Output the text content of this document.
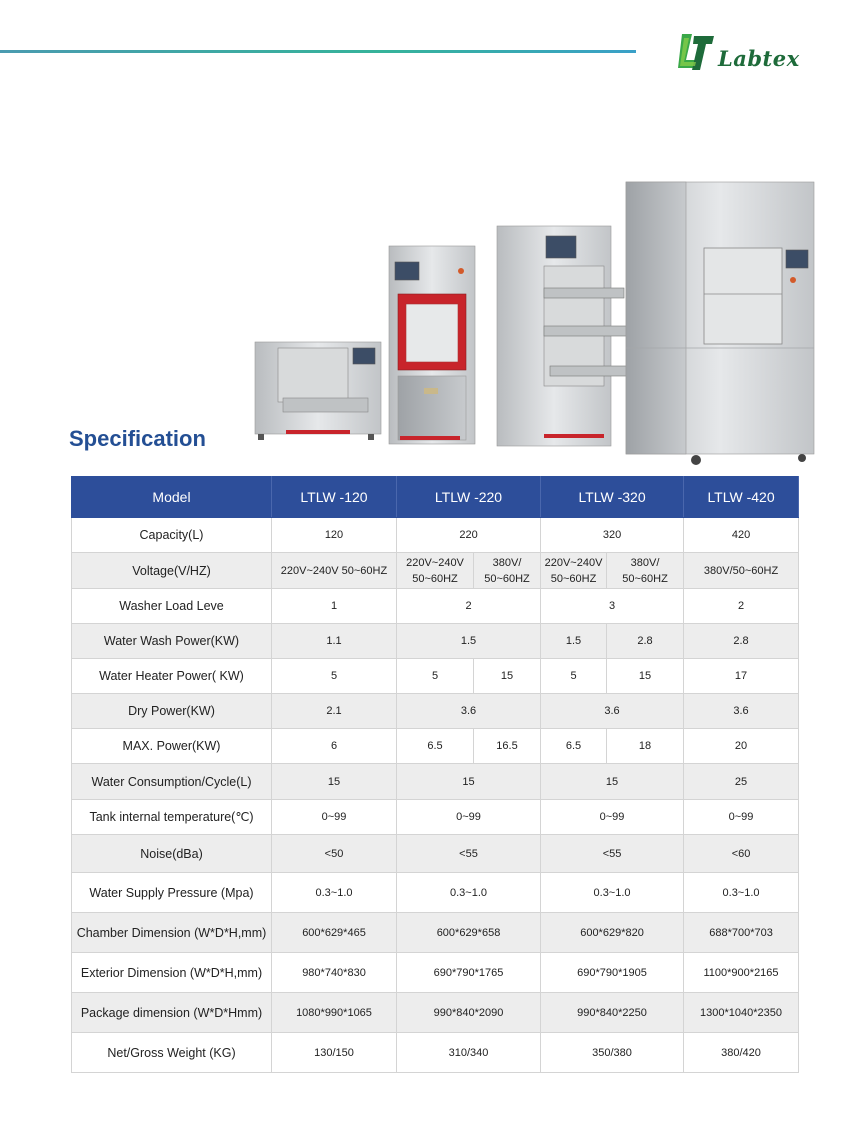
Labtex
Specification
Model	LTLW -120	LTLW -220		LTLW -320		LTLW -420
Capacity(L)	120	220		320		420
Voltage(V/HZ)	220V~240V 50~60HZ	220V~240V 50~60HZ	380V/ 50~60HZ	220V~240V 50~60HZ	380V/ 50~60HZ	380V/50~60HZ
Washer Load Leve	1	2		3		2
Water Wash Power(KW)	1.1	1.5		1.5	2.8	2.8
Water Heater Power( KW)	5	5	15	5	15	17
Dry Power(KW)	2.1	3.6		3.6		3.6
MAX. Power(KW)	6	6.5	16.5	6.5	18	20
Water Consumption/Cycle(L)	15	15		15		25
Tank internal temperature(℃)	0~99	0~99		0~99		0~99
Noise(dBa)	<50	<55		<55		<60
Water Supply Pressure (Mpa)	0.3~1.0	0.3~1.0		0.3~1.0		0.3~1.0
Chamber Dimension (W*D*H,mm)	600*629*465	600*629*658		600*629*820		688*700*703
Exterior Dimension (W*D*H,mm)	980*740*830	690*790*1765		690*790*1905		1100*900*2165
Package dimension (W*D*Hmm)	1080*990*1065	990*840*2090		990*840*2250		1300*1040*2350
Net/Gross Weight (KG)	130/150	310/340		350/380		380/420
